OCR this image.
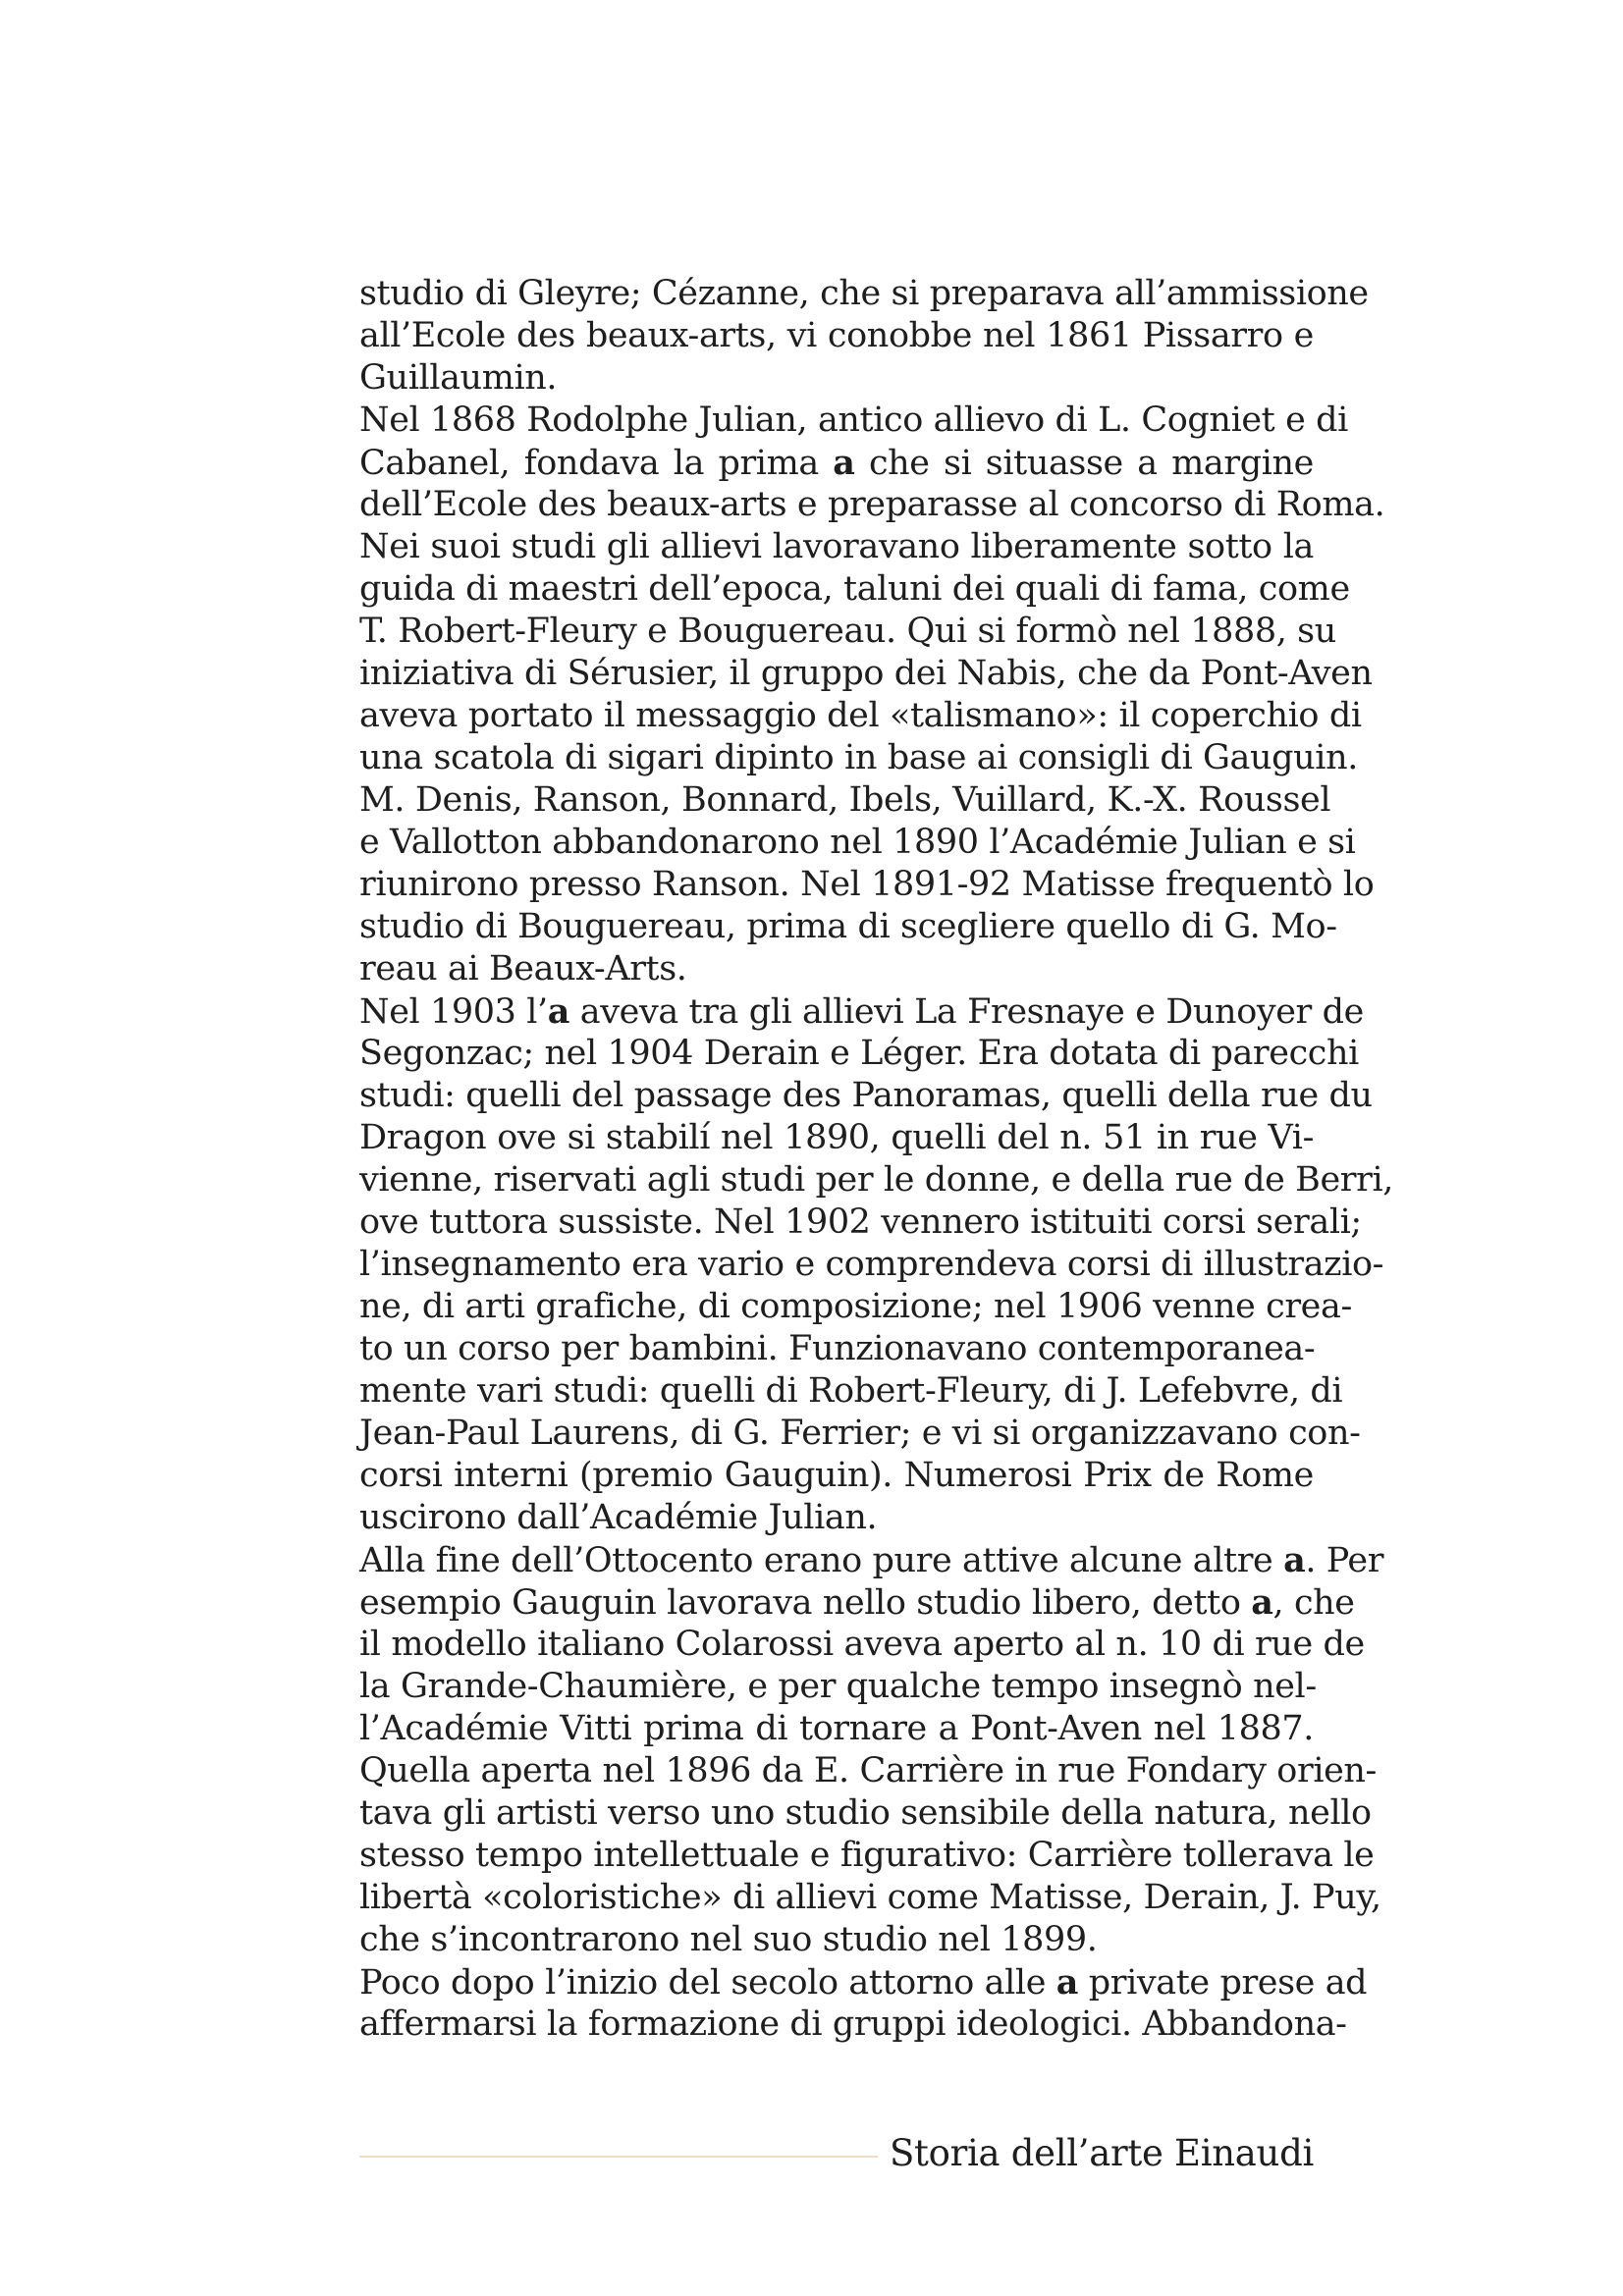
studio di Gleyre; Cézanne, che si preparava all’ammissione
all’Ecole des beaux-arts, vi conobbe nel 1861 Pissarro e
Guillaumin.
Nel 1868 Rodolphe Julian, antico allievo di L. Cogniet e di
Cabanel, fondava la prima a che si situasse a margine
dell’Ecole des beaux-arts e preparasse al concorso di Roma.
Nei suoi studi gli allievi lavoravano liberamente sotto la
guida di maestri dell’epoca, taluni dei quali di fama, come
T. Robert-Fleury e Bouguereau. Qui si formò nel 1888, su
iniziativa di Sérusier, il gruppo dei Nabis, che da Pont-Aven
aveva portato il messaggio del «talismano»: il coperchio di
una scatola di sigari dipinto in base ai consigli di Gauguin.
M. Denis, Ranson, Bonnard, Ibels, Vuillard, K.-X. Roussel
e Vallotton abbandonarono nel 1890 l’Académie Julian e si
riunirono presso Ranson. Nel 1891-92 Matisse frequentò lo
studio di Bouguereau, prima di scegliere quello di G. Mo-
reau ai Beaux-Arts.
Nel 1903 l’a aveva tra gli allievi La Fresnaye e Dunoyer de
Segonzac; nel 1904 Derain e Léger. Era dotata di parecchi
studi: quelli del passage des Panoramas, quelli della rue du
Dragon ove si stabilí nel 1890, quelli del n. 51 in rue Vi-
vienne, riservati agli studi per le donne, e della rue de Berri,
ove tuttora sussiste. Nel 1902 vennero istituiti corsi serali;
l’insegnamento era vario e comprendeva corsi di illustrazio-
ne, di arti grafiche, di composizione; nel 1906 venne crea-
to un corso per bambini. Funzionavano contemporanea-
mente vari studi: quelli di Robert-Fleury, di J. Lefebvre, di
Jean-Paul Laurens, di G. Ferrier; e vi si organizzavano con-
corsi interni (premio Gauguin). Numerosi Prix de Rome
uscirono dall’Académie Julian.
Alla fine dell’Ottocento erano pure attive alcune altre a. Per
esempio Gauguin lavorava nello studio libero, detto a, che
il modello italiano Colarossi aveva aperto al n. 10 di rue de
la Grande-Chaumière, e per qualche tempo insegnò nel-
l’Académie Vitti prima di tornare a Pont-Aven nel 1887.
Quella aperta nel 1896 da E. Carrière in rue Fondary orien-
tava gli artisti verso uno studio sensibile della natura, nello
stesso tempo intellettuale e figurativo: Carrière tollerava le
libertà «coloristiche» di allievi come Matisse, Derain, J. Puy,
che s’incontrarono nel suo studio nel 1899.
Poco dopo l’inizio del secolo attorno alle a private prese ad
affermarsi la formazione di gruppi ideologici. Abbandona-
Storia dell’arte Einaudi
